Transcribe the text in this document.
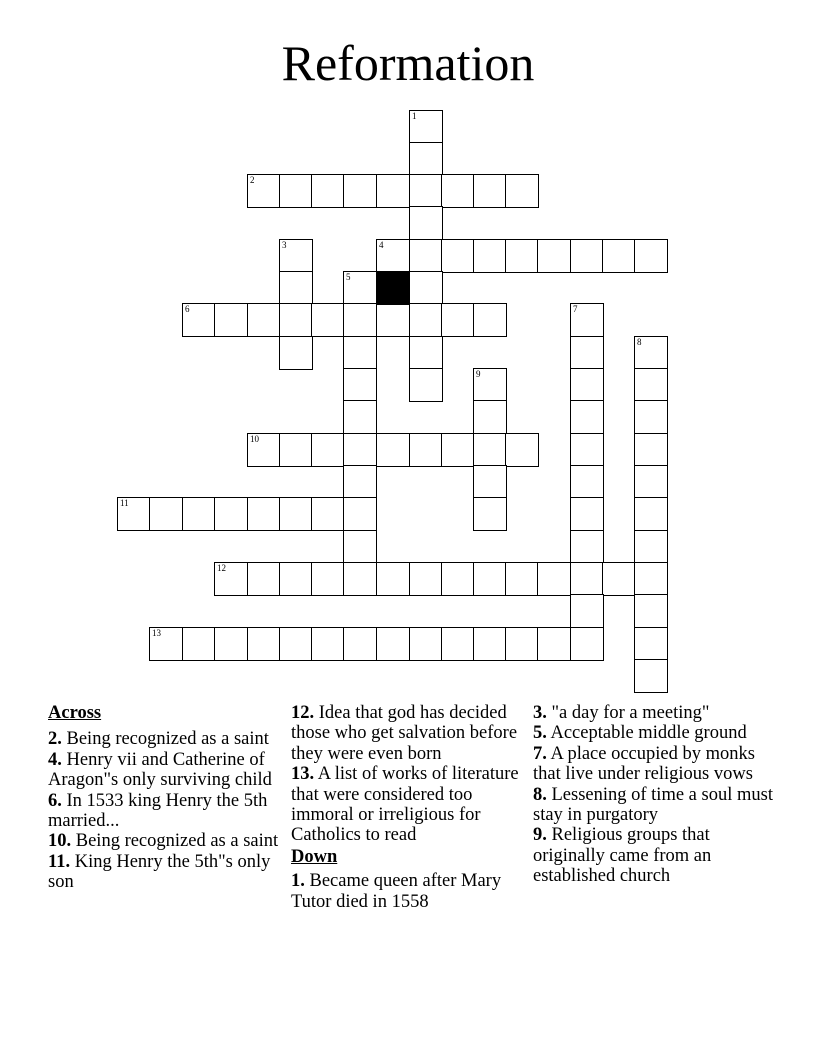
Reformation
1
2
3	4
5
6	7
8
9
10
11
12
13
Across
2. Being recognized as a saint
4. Henry vii and Catherine of Aragon"s only surviving child
6. In 1533 king Henry the 5th married...
10. Being recognized as a saint
11. King Henry the 5th"s only son
12. Idea that god has decided those who get salvation before they were even born
13. A list of works of literature that were considered too immoral or irreligious for Catholics to read
Down
1. Became queen after Mary Tutor died in 1558
3. "a day for a meeting"
5. Acceptable middle ground
7. A place occupied by monks that live under religious vows
8. Lessening of time a soul must stay in purgatory
9. Religious groups that originally came from an established church
